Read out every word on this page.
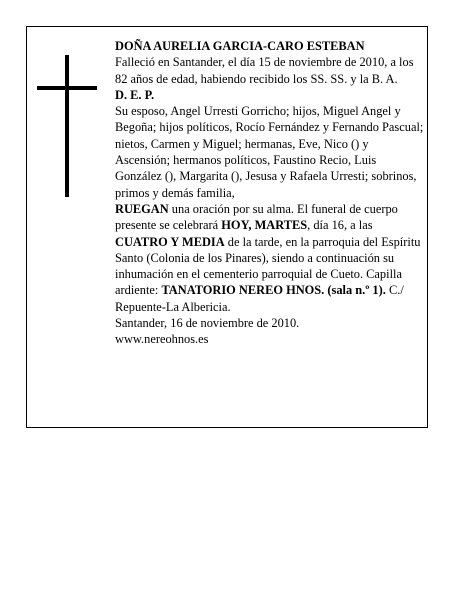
DOÑA AURELIA GARCIA-CARO ESTEBAN

Falleció en Santander, el día 15 de noviembre de 2010, a los 82 años de edad, habiendo recibido los SS. SS. y la B. A.

D. E. P.

Su esposo, Angel Urresti Gorricho; hijos, Miguel Angel y Begoña; hijos políticos, Rocío Fernández y Fernando Pascual; nietos, Carmen y Miguel; hermanas, Eve, Nico () y Ascensión; hermanos políticos, Faustino Recio, Luis González (), Margarita (), Jesusa y Rafaela Urresti; sobrinos, primos y demás familia,

RUEGAN una oración por su alma. El funeral de cuerpo presente se celebrará HOY, MARTES, día 16, a las CUATRO Y MEDIA de la tarde, en la parroquia del Espíritu Santo (Colonia de los Pinares), siendo a continuación su inhumación en el cementerio parroquial de Cueto. Capilla ardiente: TANATORIO NEREO HNOS. (sala n.º 1). C./ Repuente-La Albericia.

Santander, 16 de noviembre de 2010.

www.nereohnos.es
